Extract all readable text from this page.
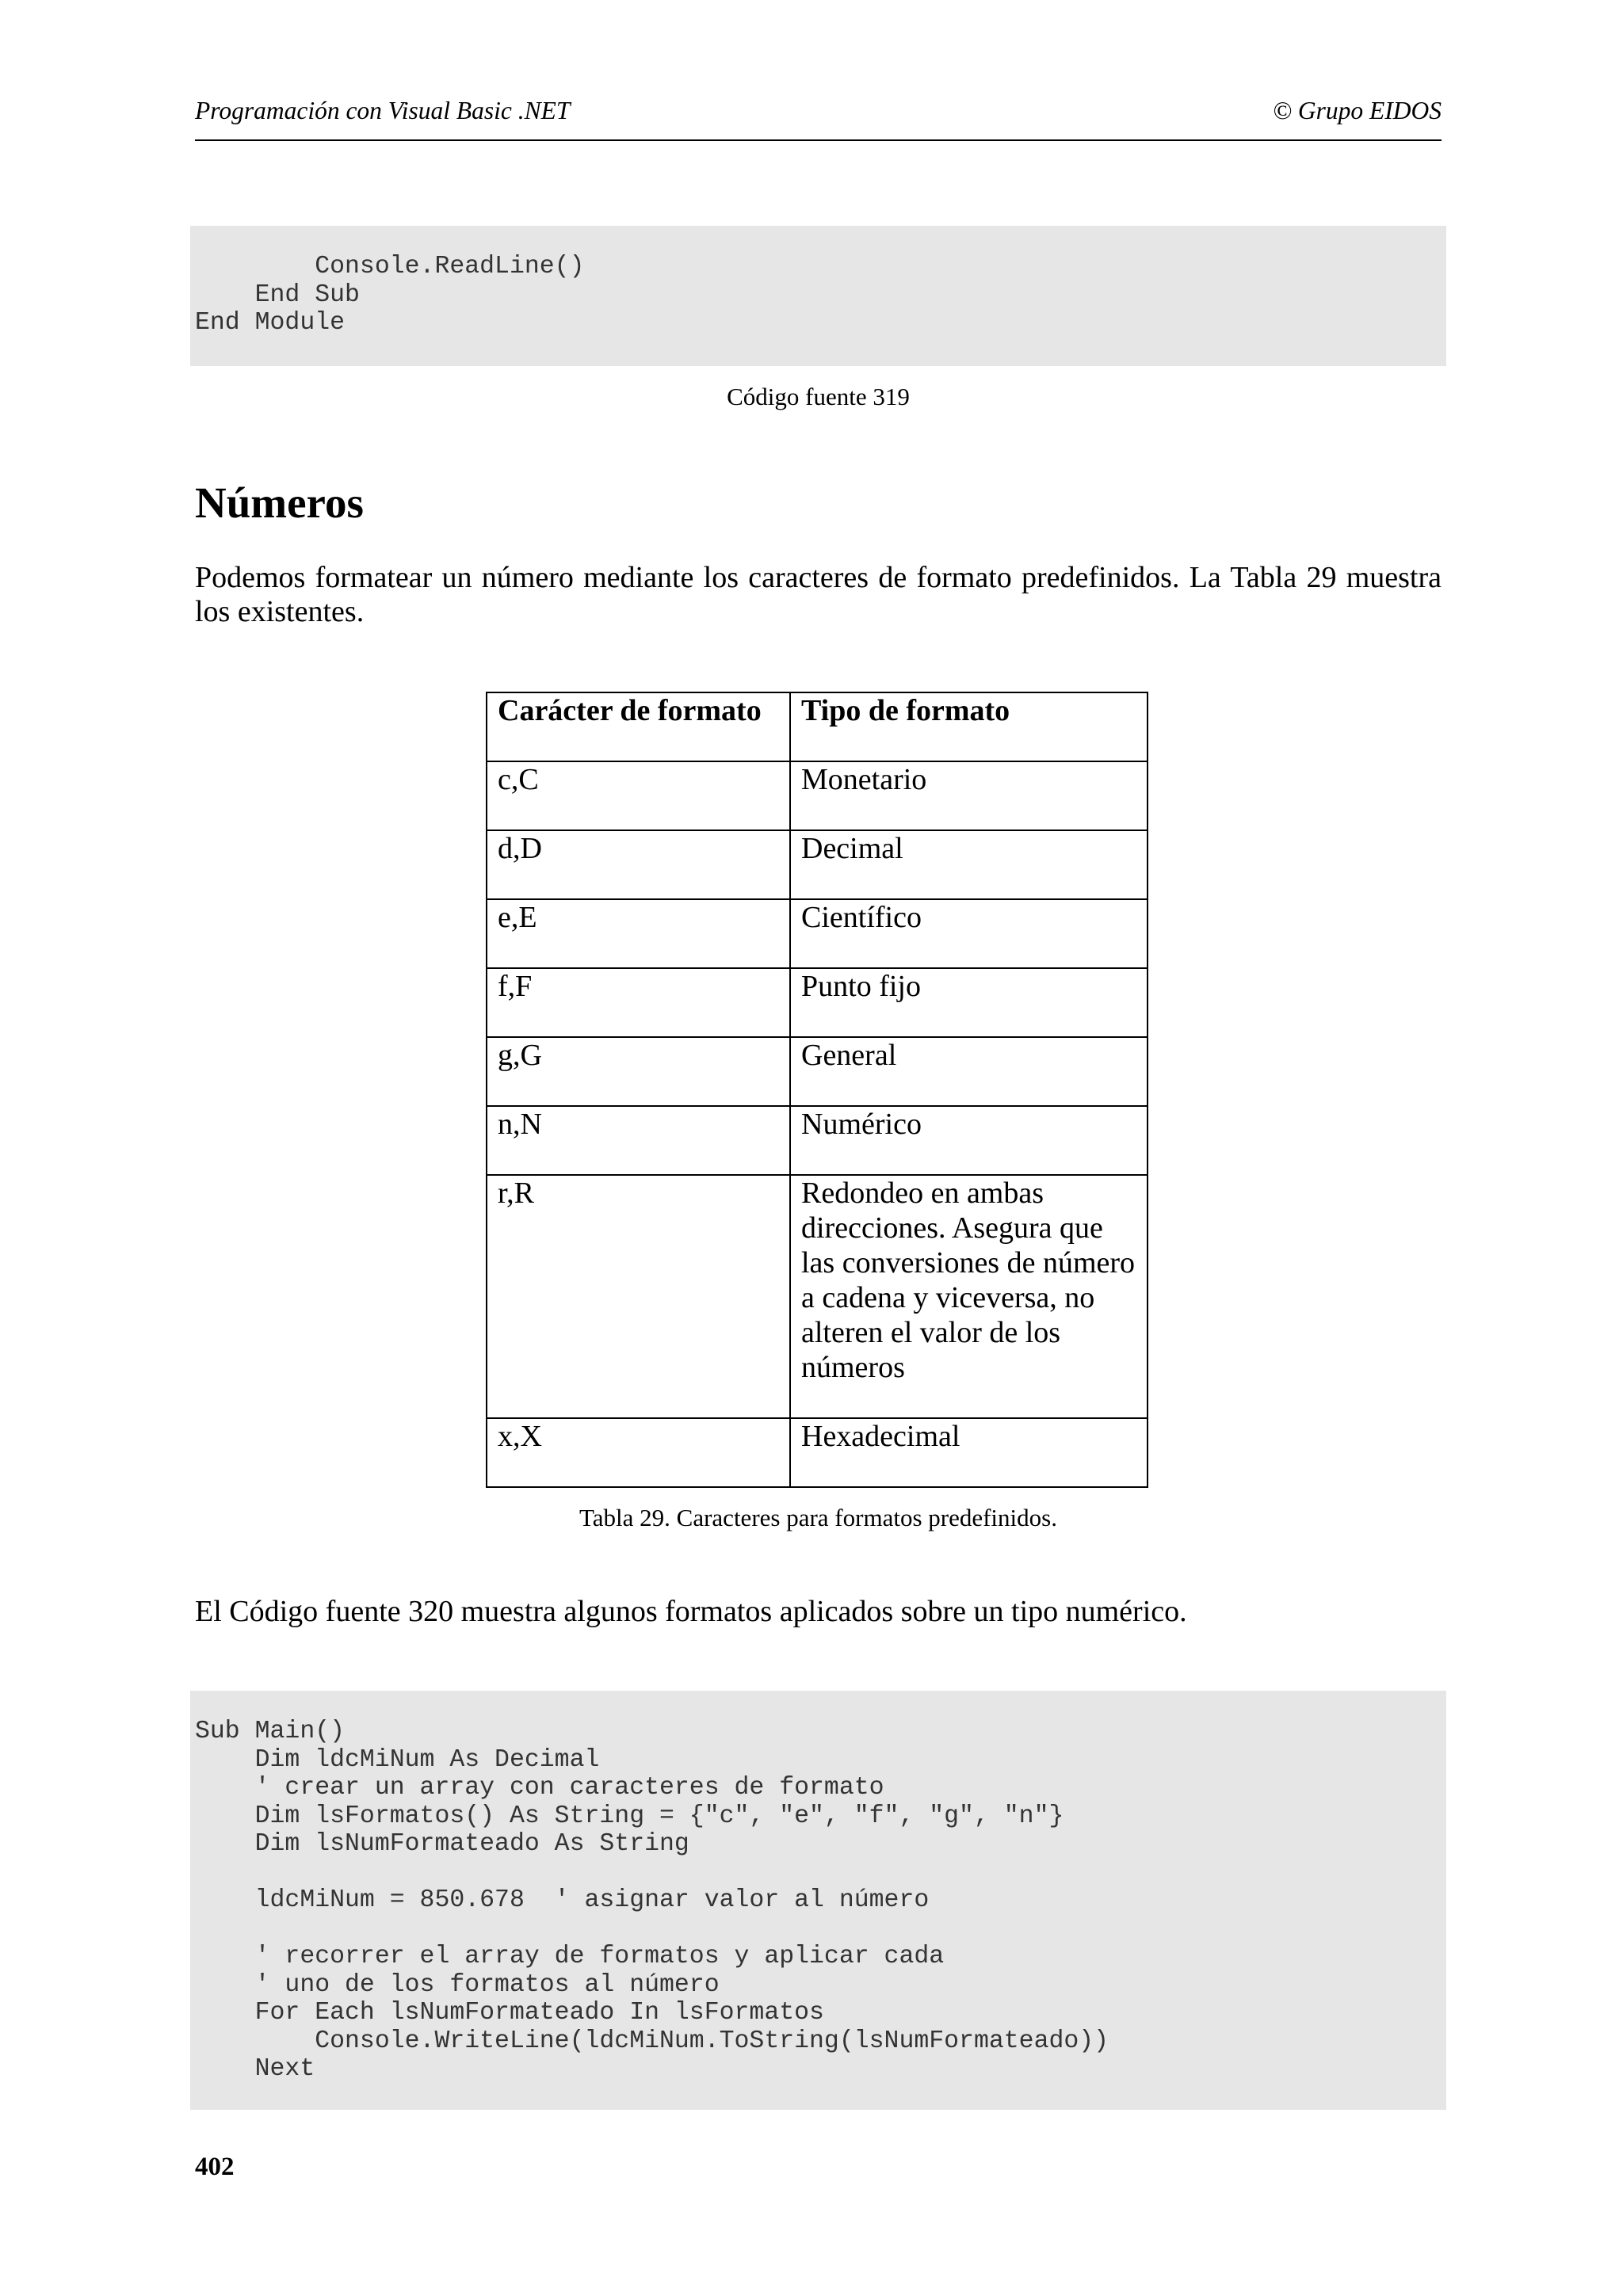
Programación con Visual Basic .NET	© Grupo EIDOS
Console.ReadLine()
End Sub
End Module
Código fuente 319
Números
Podemos formatear un número mediante los caracteres de formato predefinidos. La Tabla 29 muestra los existentes.
Carácter de formato	Tipo de formato
c,C	Monetario
d,D	Decimal
e,E	Científico
f,F	Punto fijo
g,G	General
n,N	Numérico
r,R	Redondeo en ambas direcciones. Asegura que las conversiones de número a cadena y viceversa, no alteren el valor de los números
x,X	Hexadecimal
Tabla 29. Caracteres para formatos predefinidos.
El Código fuente 320 muestra algunos formatos aplicados sobre un tipo numérico.
Sub Main()
Dim ldcMiNum As Decimal
' crear un array con caracteres de formato
Dim lsFormatos() As String = {"c", "e", "f", "g", "n"}
Dim lsNumFormateado As String
ldcMiNum = 850.678  ' asignar valor al número
' recorrer el array de formatos y aplicar cada
' uno de los formatos al número
For Each lsNumFormateado In lsFormatos
Console.WriteLine(ldcMiNum.ToString(lsNumFormateado))
Next
402
